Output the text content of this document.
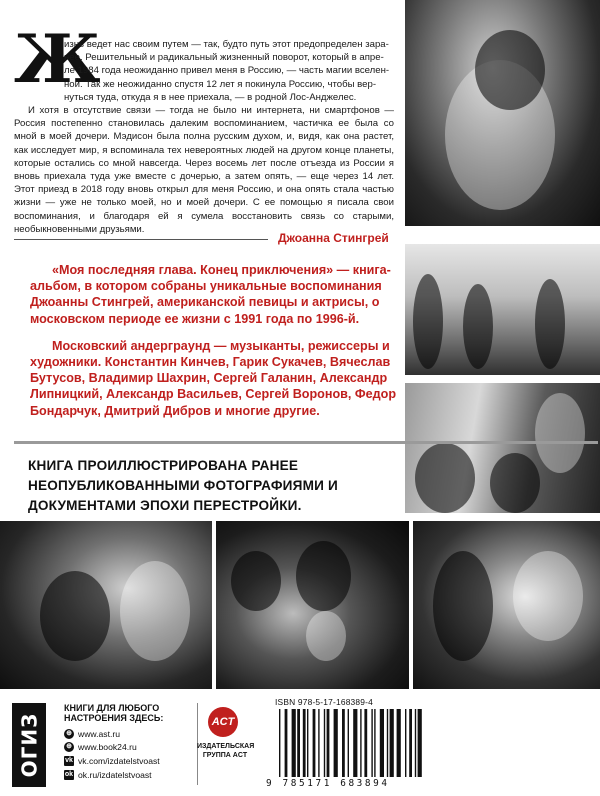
Ж
изнь ведет нас своим путем — так, будто путь этот предопределен зара-
нее. Решительный и радикальный жизненный поворот, который в апре-
ле 1984 года неожиданно привел меня в Россию, — часть магии вселен-
ной. Так же неожиданно спустя 12 лет я покинула Россию, чтобы вер-
нуться туда, откуда я в нее приехала, — в родной Лос-Анджелес.

И хотя в отсутствие связи — тогда не было ни интернета, ни смартфонов — Россия постепенно становилась далеким воспоминанием, частичка ее была со мной в моей дочери. Мэдисон была полна русским духом, и, видя, как она растет, как исследует мир, я вспоминала тех невероятных людей на другом конце планеты, которые остались со мной навсегда. Через восемь лет после отъезда из России я вновь приехала туда уже вместе с дочерью, а затем опять, — еще через 14 лет. Этот приезд в 2018 году вновь открыл для меня Россию, и она опять стала частью жизни — уже не только моей, но и моей дочери. С ее помощью я писала свои воспоминания, и благодаря ей я сумела восстановить связь со старыми, необыкновенными друзьями.

Джоанна Стингрей

«Моя последняя глава. Конец приключения» — книга-альбом, в котором собраны уникальные воспоминания Джоанны Стингрей, американской певицы и актрисы, о московском периоде ее жизни с 1991 года по 1996-й.

Московский андерграунд — музыканты, режиссеры и художники. Константин Кинчев, Гарик Сукачев, Вячеслав Бутусов, Владимир Шахрин, Сергей Галанин, Александр Липницкий, Александр Васильев, Сергей Воронов, Федор Бондарчук, Дмитрий Дибров и многие другие.

КНИГА ПРОИЛЛЮСТРИРОВАНА РАНЕЕ НЕОПУБЛИКОВАННЫМИ ФОТОГРАФИЯМИ И ДОКУМЕНТАМИ ЭПОХИ ПЕРЕСТРОЙКИ.
ОГИЗ
КНИГИ ДЛЯ ЛЮБОГО НАСТРОЕНИЯ ЗДЕСЬ:
⊕ www.ast.ru
⊕ www.book24.ru
vk vk.com/izdatelstvoast
ok ok.ru/izdatelstvoast
ACT
ИЗДАТЕЛЬСКАЯ ГРУППА ACT
ISBN 978-5-17-168389-4
9 785171 683894
